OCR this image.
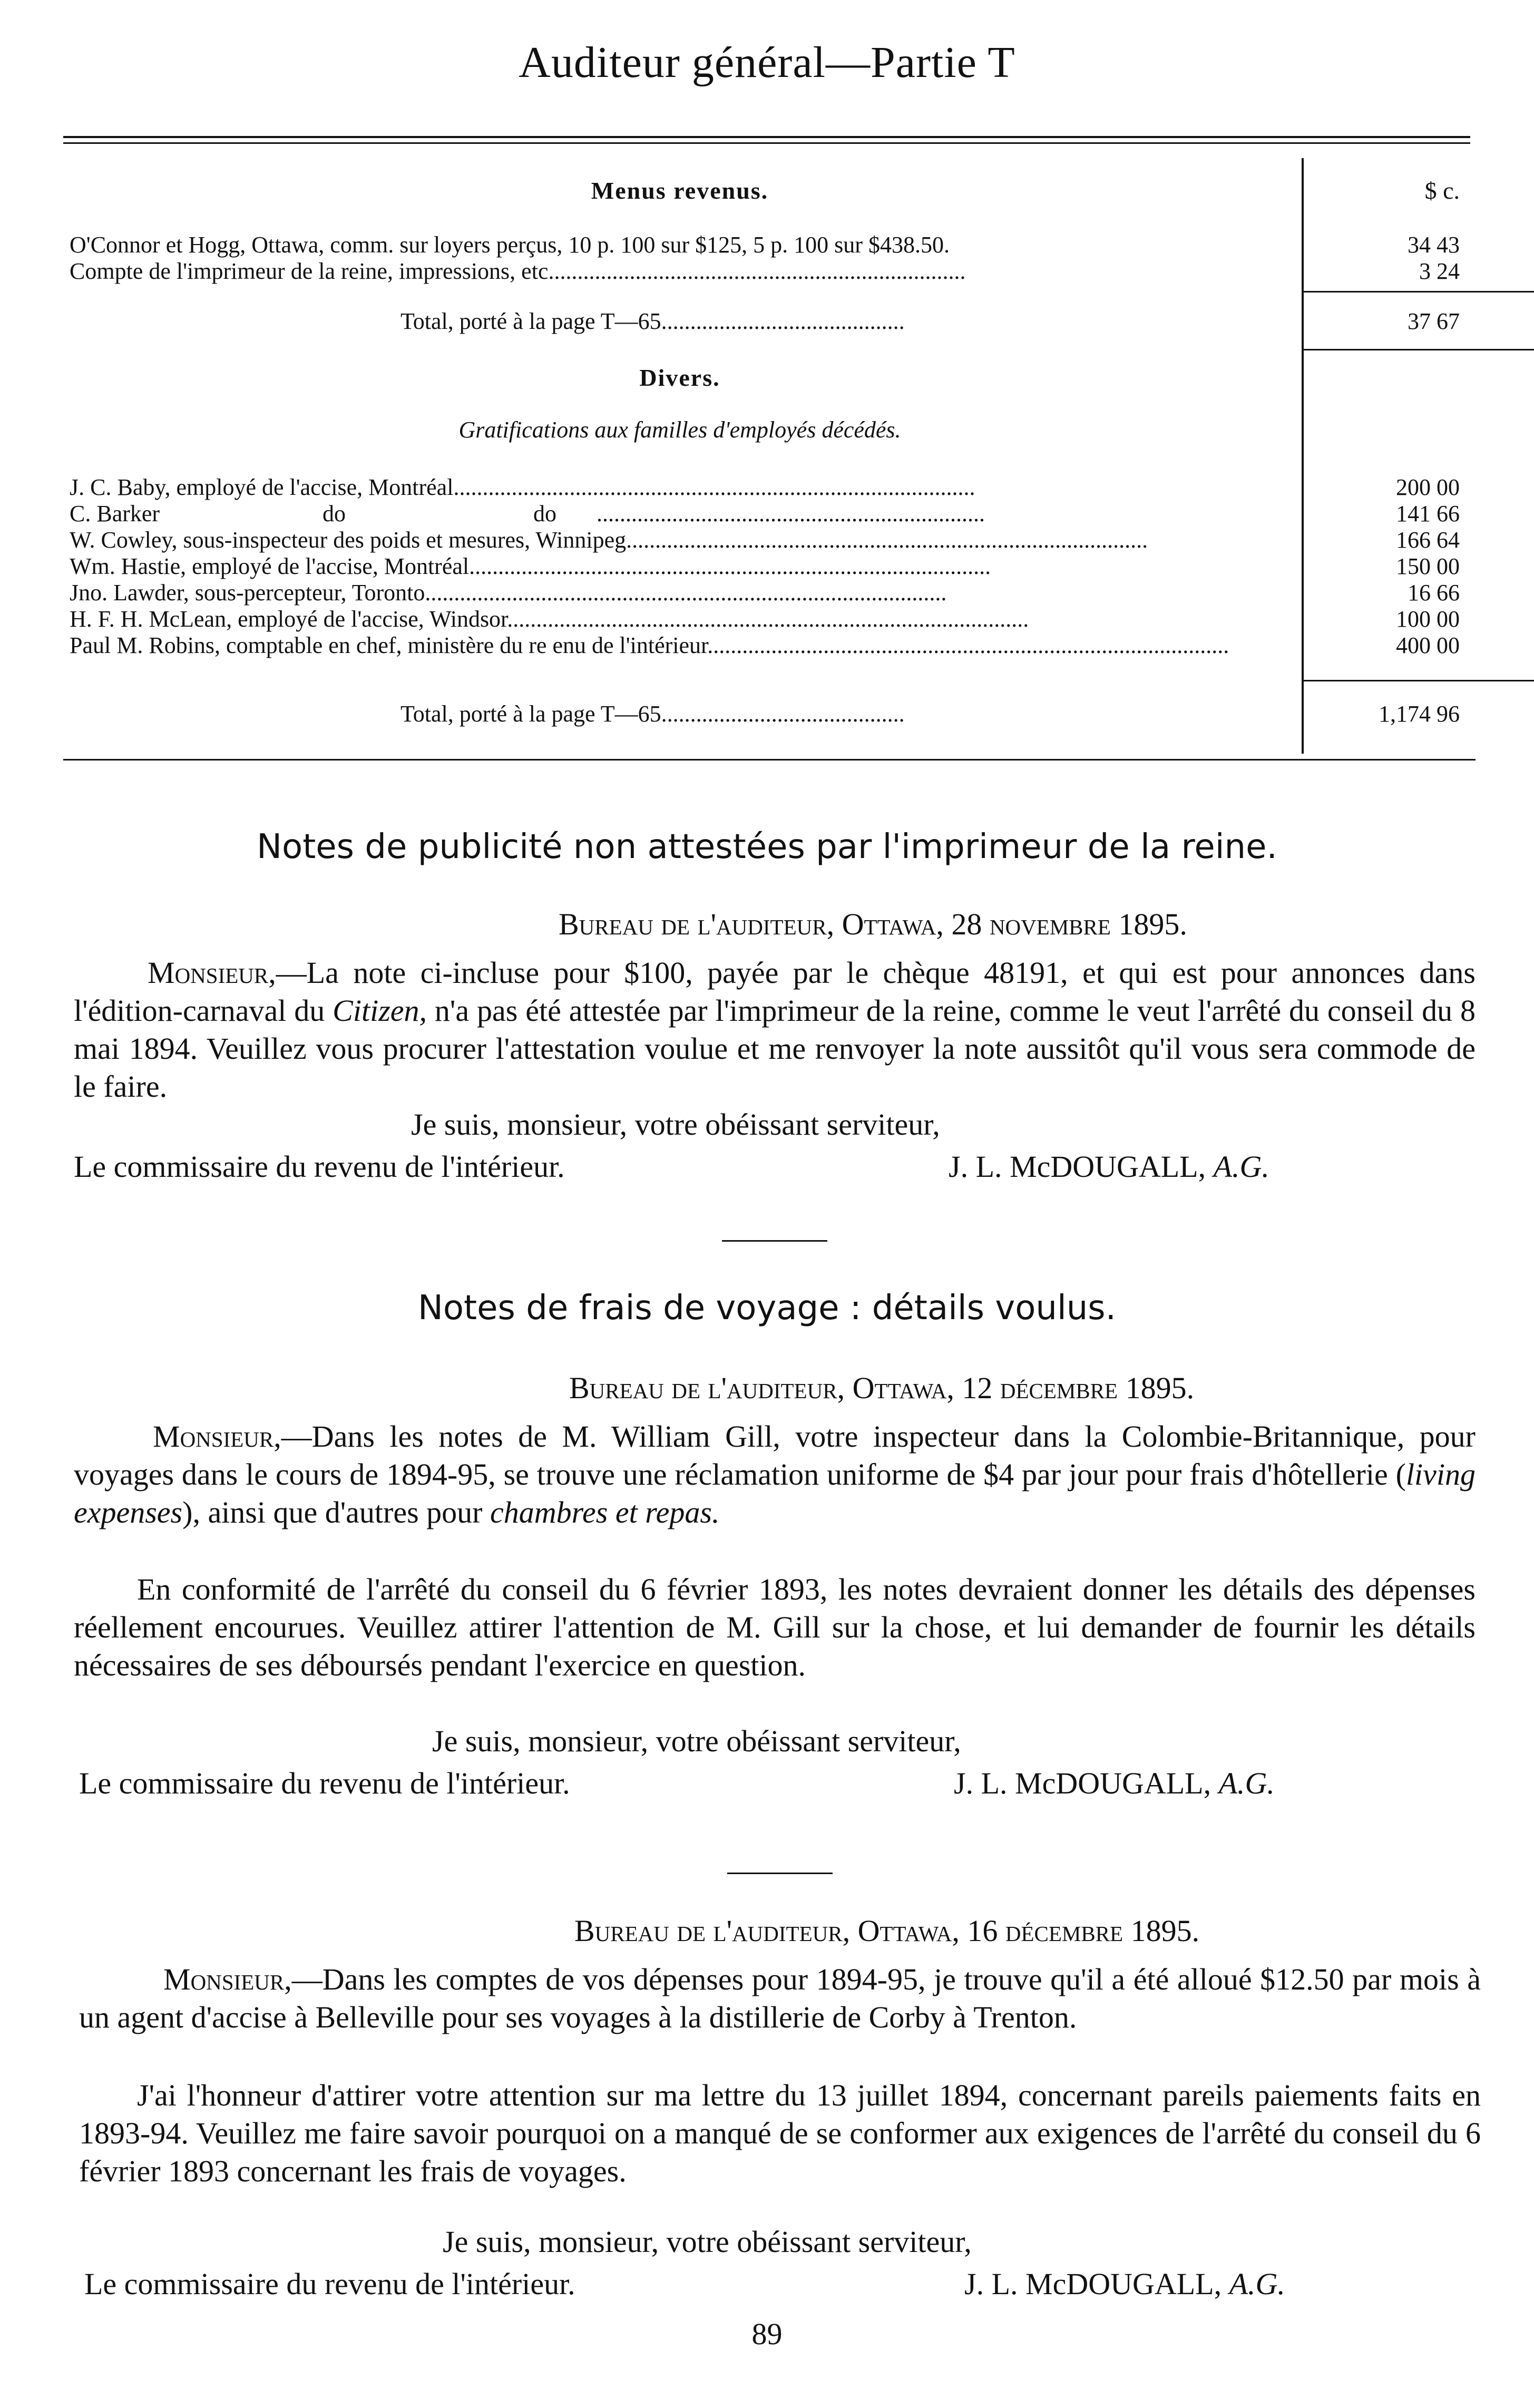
Auditeur général—Partie T
Menus revenus.	$ c.
O'Connor et Hogg, Ottawa, comm. sur loyers perçus, 10 p. 100 sur $125, 5 p. 100 sur $438.50.	34 43
Compte de l'imprimeur de la reine, impressions, etc........................................................................	3 24
Total, porté à la page T—65..........................................	37 67
Divers.
Gratifications aux familles d'employés décédés.
J. C. Baby, employé de l'accise, Montréal..........................................................................................	200 00
C. Barker	do	do ...................................................................	141 66
W. Cowley, sous-inspecteur des poids et mesures, Winnipeg..........................................................................................	166 64
Wm. Hastie, employé de l'accise, Montréal..........................................................................................	150 00
Jno. Lawder, sous-percepteur, Toronto..........................................................................................	16 66
H. F. H. McLean, employé de l'accise, Windsor..........................................................................................	100 00
Paul M. Robins, comptable en chef, ministère du re enu de l'intérieur..........................................................................................	400 00
Total, porté à la page T—65..........................................	1,174 96
Notes de publicité non attestées par l'imprimeur de la reine.
Bureau de l'auditeur, Ottawa, 28 novembre 1895.
Monsieur,—La note ci-incluse pour $100, payée par le chèque 48191, et qui est pour annonces dans l'édition-carnaval du Citizen, n'a pas été attestée par l'imprimeur de la reine, comme le veut l'arrêté du conseil du 8 mai 1894. Veuillez vous procurer l'attestation voulue et me renvoyer la note aussitôt qu'il vous sera commode de le faire.
Je suis, monsieur, votre obéissant serviteur,
Le commissaire du revenu de l'intérieur.	J. L. McDOUGALL, A.G.
Notes de frais de voyage : détails voulus.
Bureau de l'auditeur, Ottawa, 12 décembre 1895.
Monsieur,—Dans les notes de M. William Gill, votre inspecteur dans la Colombie-Britannique, pour voyages dans le cours de 1894-95, se trouve une réclamation uniforme de $4 par jour pour frais d'hôtellerie (living expenses), ainsi que d'autres pour chambres et repas.
En conformité de l'arrêté du conseil du 6 février 1893, les notes devraient donner les détails des dépenses réellement encourues. Veuillez attirer l'attention de M. Gill sur la chose, et lui demander de fournir les détails nécessaires de ses déboursés pendant l'exercice en question.
Je suis, monsieur, votre obéissant serviteur,
Le commissaire du revenu de l'intérieur.	J. L. McDOUGALL, A.G.
Bureau de l'auditeur, Ottawa, 16 décembre 1895.
Monsieur,—Dans les comptes de vos dépenses pour 1894-95, je trouve qu'il a été alloué $12.50 par mois à un agent d'accise à Belleville pour ses voyages à la distillerie de Corby à Trenton.
J'ai l'honneur d'attirer votre attention sur ma lettre du 13 juillet 1894, concernant pareils paiements faits en 1893-94. Veuillez me faire savoir pourquoi on a manqué de se conformer aux exigences de l'arrêté du conseil du 6 février 1893 concernant les frais de voyages.
Je suis, monsieur, votre obéissant serviteur,
Le commissaire du revenu de l'intérieur.	J. L. McDOUGALL, A.G.
89
